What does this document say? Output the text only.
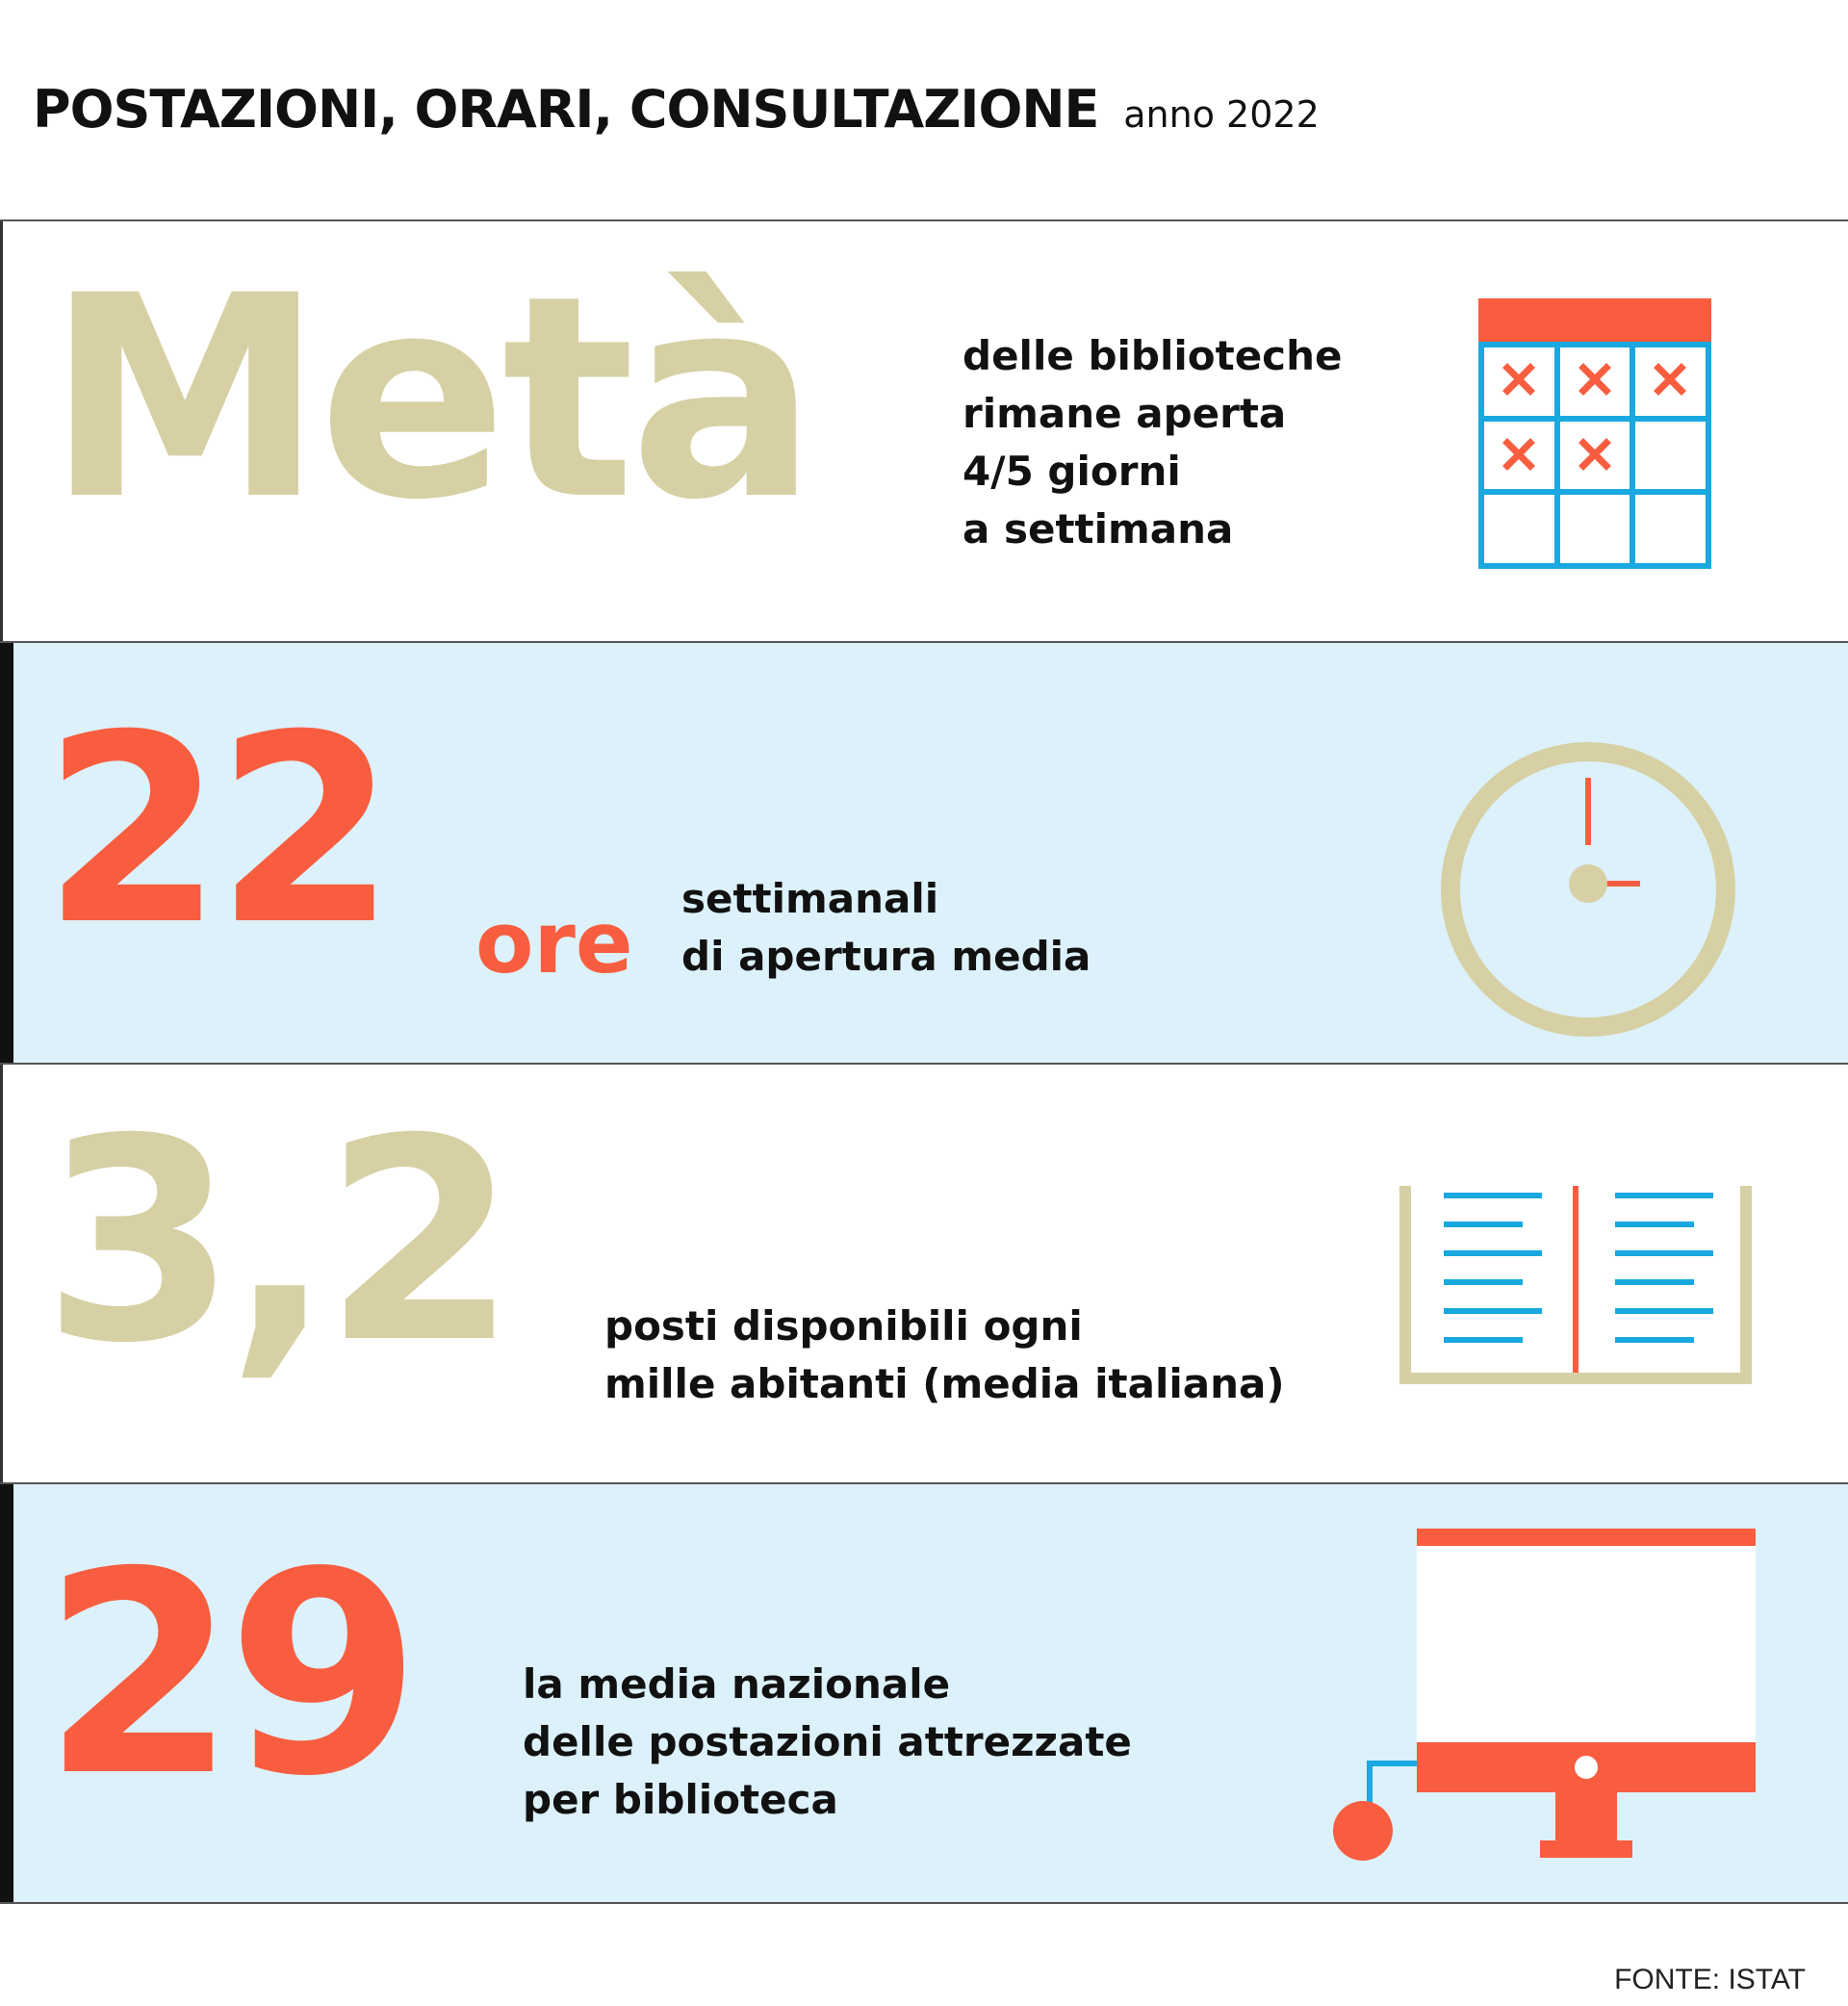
POSTAZIONI, ORARI, CONSULTAZIONE anno 2022
Metà	delle biblioteche
rimane aperta
4/5 giorni
a settimana
22 ore settimanali
di apertura media
3,2 posti disponibili ogni
mille abitanti (media italiana)
29	la media nazionale
delle postazioni attrezzate
per biblioteca
FONTE: ISTAT
